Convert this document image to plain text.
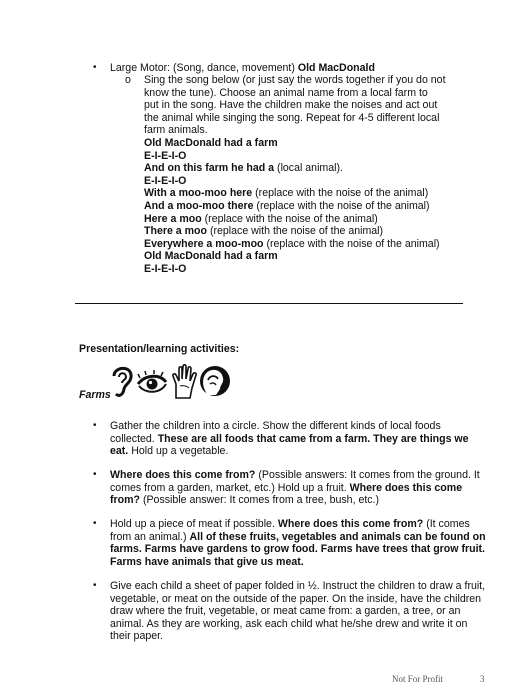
• Large Motor: (Song, dance, movement) Old MacDonald
o Sing the song below (or just say the words together if you do not
know the tune). Choose an animal name from a local farm to
put in the song. Have the children make the noises and act out
the animal while singing the song. Repeat for 4-5 different local
farm animals.
Old MacDonald had a farm
E-I-E-I-O
And on this farm he had a (local animal).
E-I-E-I-O
With a moo-moo here (replace with the noise of the animal)
And a moo-moo there (replace with the noise of the animal)
Here a moo (replace with the noise of the animal)
There a moo (replace with the noise of the animal)
Everywhere a moo-moo (replace with the noise of the animal)
Old MacDonald had a farm
E-I-E-I-O
Presentation/learning activities:
Farms
• Gather the children into a circle. Show the different kinds of local foods

collected. These are all foods that came from a farm. They are things we

eat. Hold up a vegetable.

• Where does this come from? (Possible answers: It comes from the ground. It

comes from a garden, market, etc.) Hold up a fruit. Where does this come

from? (Possible answer: It comes from a tree, bush, etc.)

• Hold up a piece of meat if possible. Where does this come from? (It comes

from an animal.) All of these fruits, vegetables and animals can be found on

farms. Farms have gardens to grow food. Farms have trees that grow fruit.

Farms have animals that give us meat.

• Give each child a sheet of paper folded in ½. Instruct the children to draw a fruit,

vegetable, or meat on the outside of the paper. On the inside, have the children

draw where the fruit, vegetable, or meat came from: a garden, a tree, or an

animal. As they are working, ask each child what he/she drew and write it on

their paper.

Not For Profit	3
